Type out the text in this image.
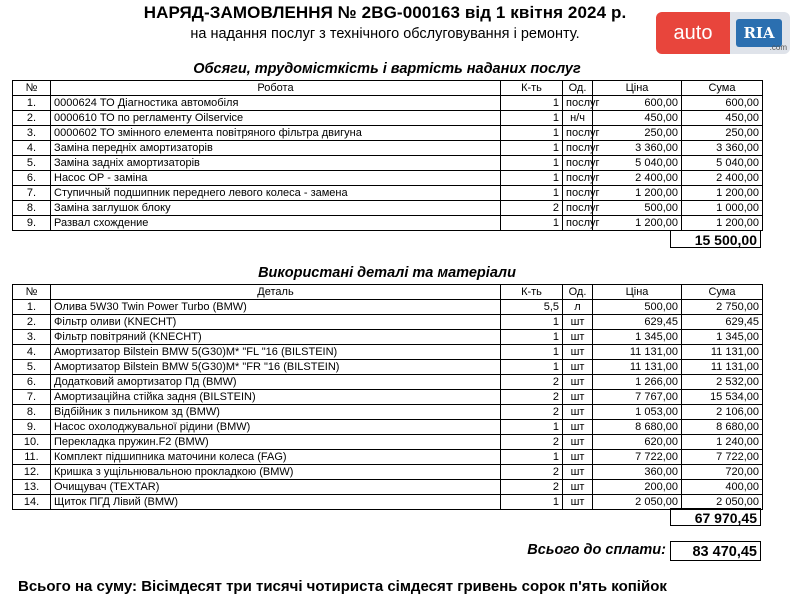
НАРЯД-ЗАМОВЛЕННЯ № 2BG-000163 від 1 квітня 2024 р.
на надання послуг з технічного обслуговування і ремонту.	auto	RIA
.com
Обсяги, трудомісткість і вартість наданих послуг
№	Робота	К-ть	Од.	Ціна	Сума
1.	0000624 ТО Діагностика автомобіля	1	послуг	600,00	600,00
2.	0000610 ТО по регламенту Oilservice	1	н/ч	450,00	450,00
3.	0000602 ТО змінного елемента повітряного фільтра двигуна	1	послуг	250,00	250,00
4.	Заміна передніх амортизаторів	1	послуг	3 360,00	3 360,00
5.	Заміна задніх амортизаторів	1	послуг	5 040,00	5 040,00
6.	Насос ОР - заміна	1	послуг	2 400,00	2 400,00
7.	Ступичный подшипник переднего левого колеса - замена	1	послуг	1 200,00	1 200,00
8.	Заміна заглушок блоку	2	послуг	500,00	1 000,00
9.	Развал схождение	1	послуг	1 200,00	1 200,00
15 500,00
Використані деталі та матеріали
№	Деталь	К-ть	Од.	Ціна	Сума
1.	Олива 5W30 Twin Power Turbo (BMW)	5,5	л	500,00	2 750,00
2.	Фільтр оливи (KNECHT)	1	шт	629,45	629,45
3.	Фільтр повітряний (KNECHT)	1	шт	1 345,00	1 345,00
4.	Амортизатор Bilstein BMW 5(G30)M* "FL "16 (BILSTEIN)	1	шт	11 131,00	11 131,00
5.	Амортизатор Bilstein BMW 5(G30)M* "FR "16 (BILSTEIN)	1	шт	11 131,00	11 131,00
6.	Додатковий амортизатор Пд (BMW)	2	шт	1 266,00	2 532,00
7.	Амортизаційна стійка задня (BILSTEIN)	2	шт	7 767,00	15 534,00
8.	Відбійник з пильником зд (BMW)	2	шт	1 053,00	2 106,00
9.	Насос охолоджувальної рідини (BMW)	1	шт	8 680,00	8 680,00
10.	Перекладка пружин.F2 (BMW)	2	шт	620,00	1 240,00
11.	Комплект підшипника маточини колеса (FAG)	1	шт	7 722,00	7 722,00
12.	Кришка з ущільнювальною прокладкою (BMW)	2	шт	360,00	720,00
13.	Очищувач (TEXTAR)	2	шт	200,00	400,00
14.	Щиток ПГД Лівий (BMW)	1	шт	2 050,00	2 050,00
67 970,45
Всього до сплати:	83 470,45
Всього на суму: Вісімдесят три тисячі чотириста сімдесят гривень сорок п'ять копійок
